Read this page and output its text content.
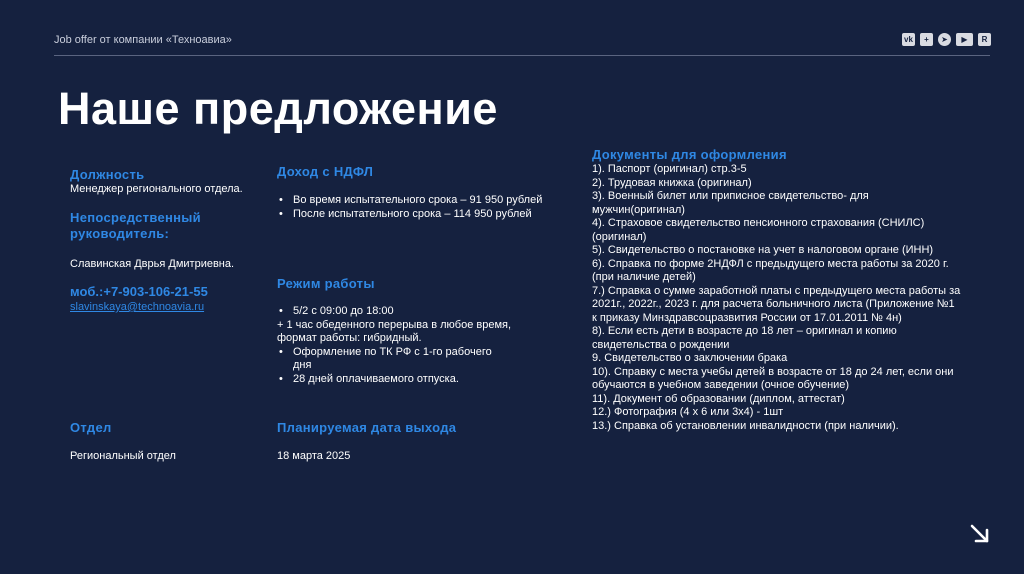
Job offer от компании «Техноавиа»	vk	+	➤	▶	R
Наше предложение
Должность
Менеджер регионального отдела.
Непосредственный руководитель:
Славинская Дврья Дмитриевна.
моб.:+7-903-106-21-55
slavinskaya@technoavia.ru
Отдел
Региональный отдел
Доход с НДФЛ
• Во время испытательного срока – 91 950 рублей
• После испытательного срока – 114 950 рублей
Режим работы
• 5/2 с 09:00 до 18:00
+ 1 час обеденного перерыва в любое время, формат работы: гибридный.
• Оформление по ТК РФ с 1-го рабочего дня
• 28 дней оплачиваемого отпуска.
Планируемая дата выхода
18 марта 2025
Документы для оформления
1). Паспорт (оригинал) стр.3-5
2). Трудовая книжка (оригинал)
3). Военный билет или приписное свидетельство- для мужчин(оригинал)
4). Страховое свидетельство пенсионного страхования (СНИЛС) (оригинал)
5). Свидетельство о постановке на учет в налоговом органе (ИНН)
6). Справка по форме 2НДФЛ с предыдущего места работы за 2020 г. (при наличие детей)
7.) Справка о сумме заработной платы с предыдущего места работы за 2021г., 2022г., 2023 г. для расчета больничного листа (Приложение №1 к приказу Минздравсоцразвития России от 17.01.2011 № 4н)
8). Если есть дети в возрасте до 18 лет – оригинал и копию свидетельства о рождении
9. Свидетельство о заключении брака
10). Справку с места учебы детей в возрасте от 18 до 24 лет, если они обучаются в учебном заведении (очное обучение)
11). Документ об образовании (диплом, аттестат)
12.) Фотография (4 х 6 или 3х4) - 1шт
13.) Справка об установлении инвалидности (при наличии).
